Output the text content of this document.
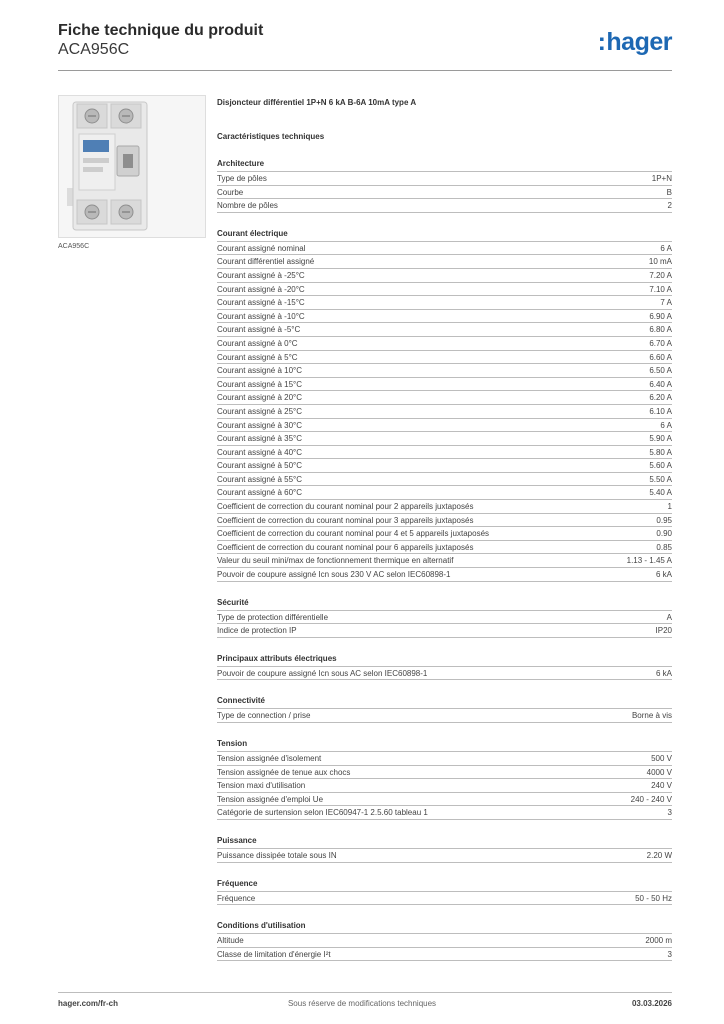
Fiche technique du produit
ACA956C	:hager
ACA956C
Disjoncteur différentiel 1P+N 6 kA B-6A 10mA type A
Caractéristiques techniques
Architecture
Type de pôles	1P+N
Courbe	B
Nombre de pôles	2
Courant électrique
Courant assigné nominal	6 A
Courant différentiel assigné	10 mA
Courant assigné à -25°C	7.20 A
Courant assigné à -20°C	7.10 A
Courant assigné à -15°C	7 A
Courant assigné à -10°C	6.90 A
Courant assigné à -5°C	6.80 A
Courant assigné à 0°C	6.70 A
Courant assigné à 5°C	6.60 A
Courant assigné à 10°C	6.50 A
Courant assigné à 15°C	6.40 A
Courant assigné à 20°C	6.20 A
Courant assigné à 25°C	6.10 A
Courant assigné à 30°C	6 A
Courant assigné à 35°C	5.90 A
Courant assigné à 40°C	5.80 A
Courant assigné à 50°C	5.60 A
Courant assigné à 55°C	5.50 A
Courant assigné à 60°C	5.40 A
Coefficient de correction du courant nominal pour 2 appareils juxtaposés	1
Coefficient de correction du courant nominal pour 3 appareils juxtaposés	0.95
Coefficient de correction du courant nominal pour 4 et 5 appareils juxtaposés	0.90
Coefficient de correction du courant nominal pour 6 appareils juxtaposés	0.85
Valeur du seuil mini/max de fonctionnement thermique en alternatif	1.13 - 1.45 A
Pouvoir de coupure assigné Icn sous 230 V AC selon IEC60898-1	6 kA
Sécurité
Type de protection différentielle	A
Indice de protection IP	IP20
Principaux attributs électriques
Pouvoir de coupure assigné Icn sous AC selon IEC60898-1	6 kA
Connectivité
Type de connection / prise	Borne à vis
Tension
Tension assignée d'isolement	500 V
Tension assignée de tenue aux chocs	4000 V
Tension maxi d'utilisation	240 V
Tension assignée d'emploi Ue	240 - 240 V
Catégorie de surtension selon IEC60947-1 2.5.60 tableau 1	3
Puissance
Puissance dissipée totale sous IN	2.20 W
Fréquence
Fréquence	50 - 50 Hz
Conditions d'utilisation
Altitude	2000 m
Classe de limitation d'énergie I²t	3
hager.com/fr-ch	Sous réserve de modifications techniques	03.03.2026
